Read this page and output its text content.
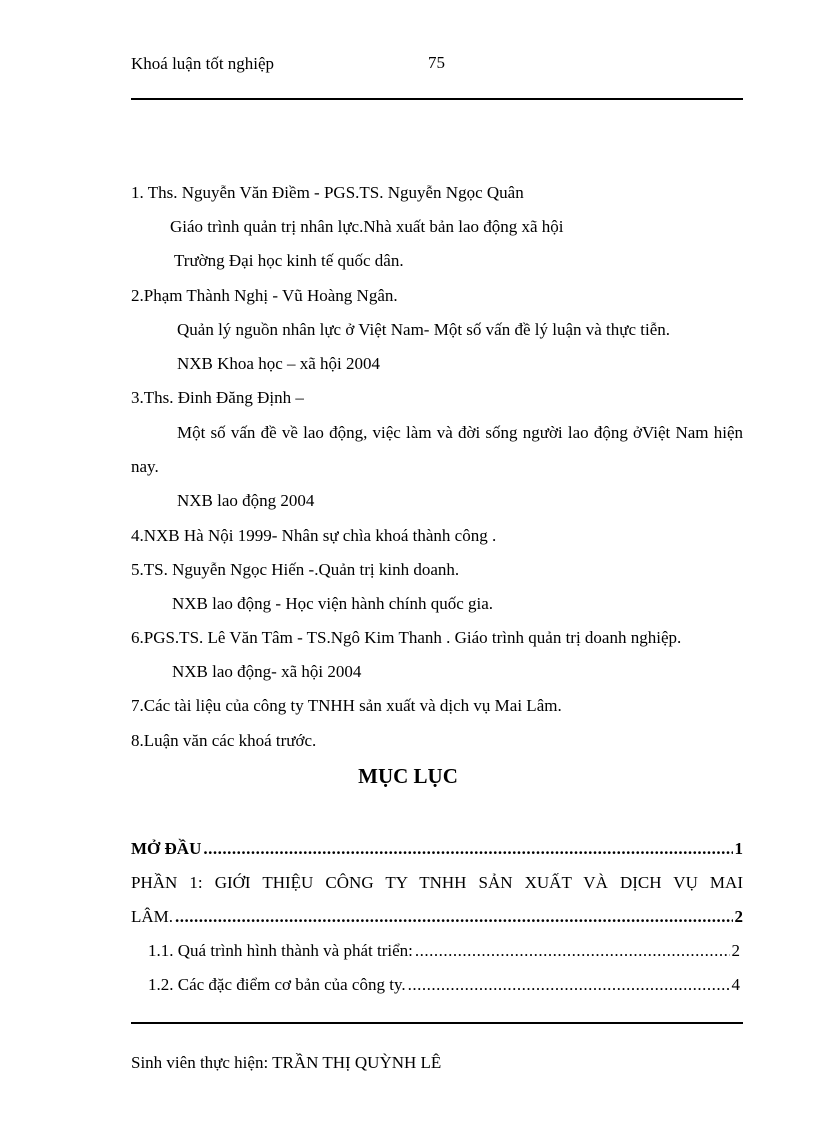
Khoá luận tốt nghiệp	75
1. Ths. Nguyễn Văn Điềm - PGS.TS. Nguyễn Ngọc Quân
Giáo trình quản trị nhân lực.Nhà xuất bản lao động xã hội
Trường Đại học kinh tế quốc dân.
2.Phạm Thành Nghị - Vũ Hoàng Ngân.
Quản lý nguồn nhân lực ở Việt Nam- Một số vấn đề lý luận và thực tiễn.
NXB Khoa học – xã hội 2004
3.Ths. Đinh Đăng Định –
Một số vấn đề về lao động, việc làm và đời sống người lao động ởViệt Nam hiện nay.
NXB lao động 2004
4.NXB Hà Nội 1999- Nhân sự chìa khoá thành công .
5.TS. Nguyễn Ngọc Hiến -.Quản trị kinh doanh.
NXB lao động - Học viện hành chính quốc gia.
6.PGS.TS. Lê Văn Tâm - TS.Ngô Kim Thanh . Giáo trình quản trị doanh nghiệp.
NXB lao động- xã hội 2004
7.Các tài liệu của công ty TNHH sản xuất và dịch vụ Mai Lâm.
8.Luận văn các khoá trước.
MỤC LỤC
MỞ ĐẦU .....	1
PHẦN 1: GIỚI THIỆU CÔNG TY TNHH SẢN XUẤT VÀ DỊCH VỤ MAI
LÂM. .....	2
1.1. Quá trình hình thành và phát triển: .....	2
1.2. Các đặc điểm cơ bản của công ty. .....	4
Sinh viên thực hiện: TRẦN THỊ QUỲNH LÊ
